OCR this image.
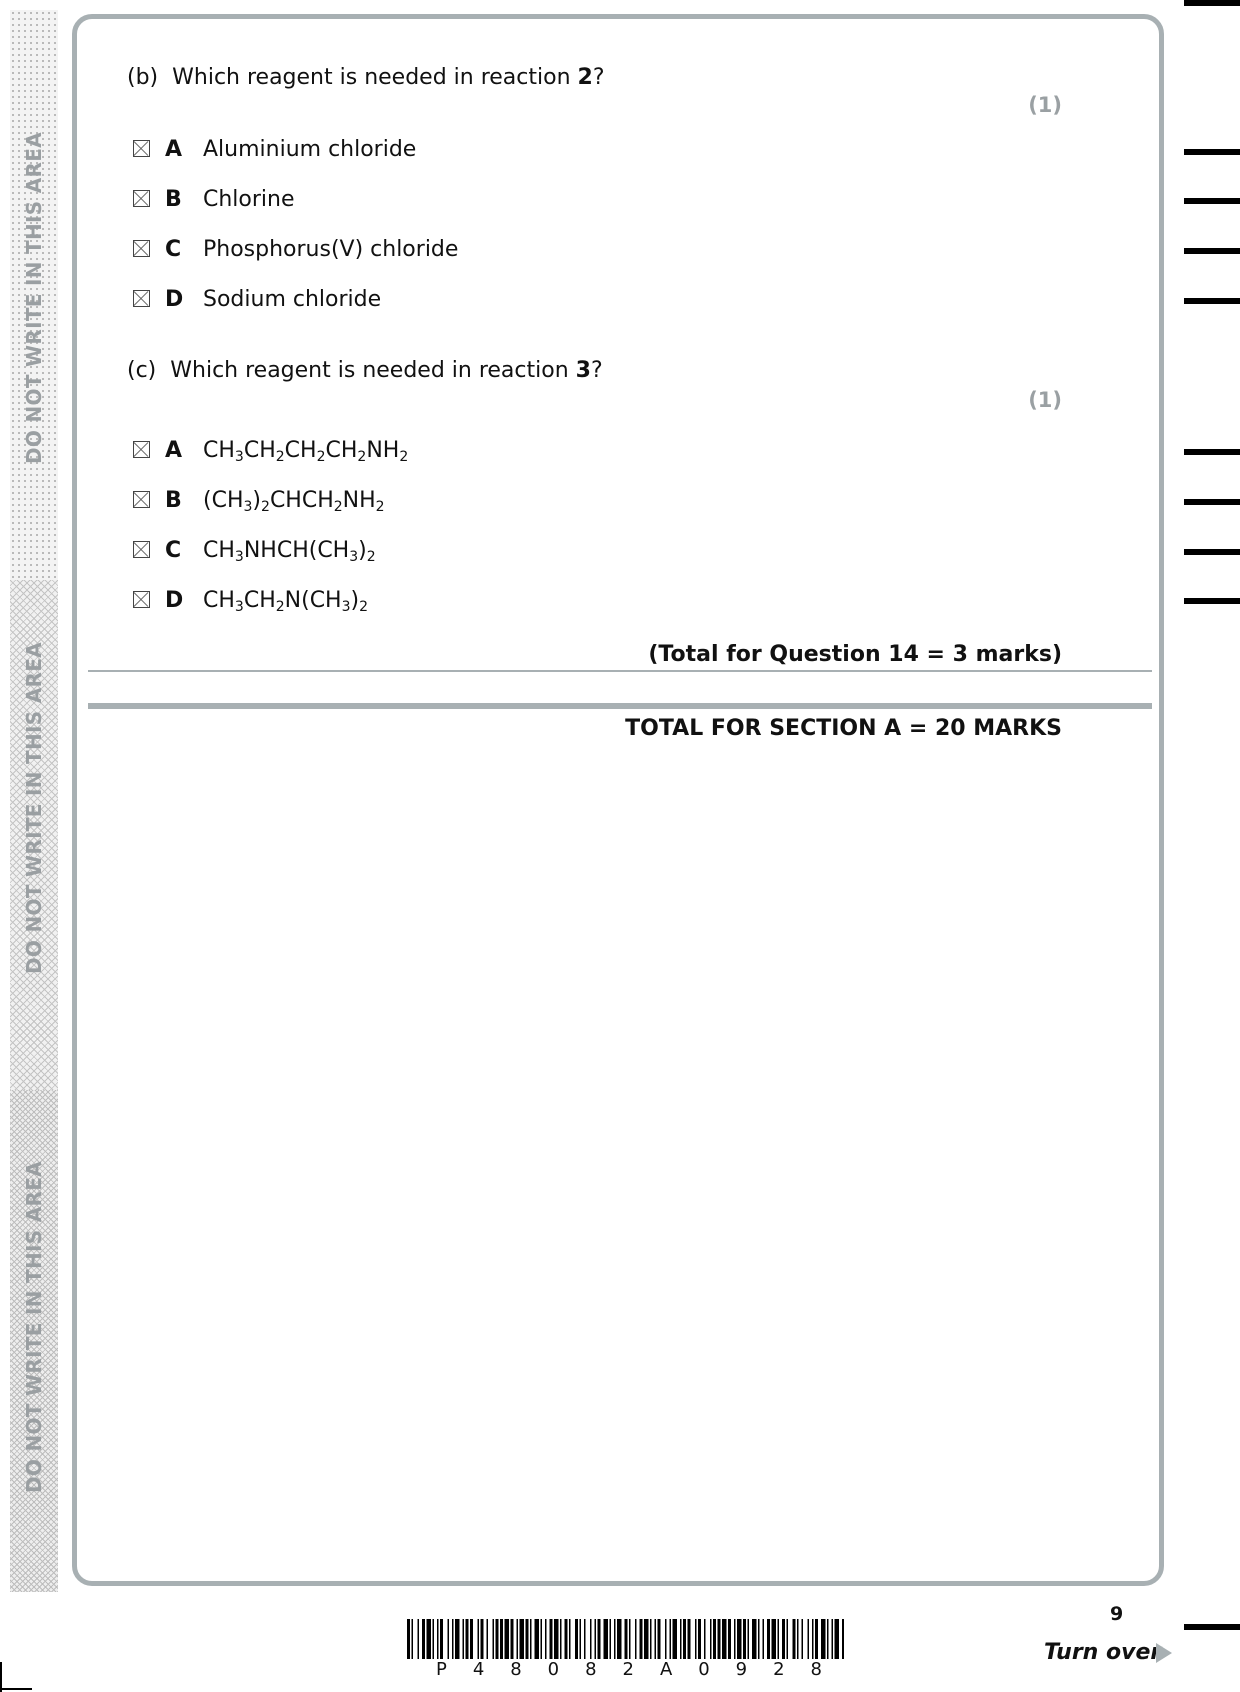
DO NOT WRITE IN THIS AREA
DO NOT WRITE IN THIS AREA
DO NOT WRITE IN THIS AREA
(b) Which reagent is needed in reaction 2?
(1)
A Aluminium chloride
B Chlorine
C Phosphorus(V) chloride
D Sodium chloride
(c) Which reagent is needed in reaction 3?
(1)
A $CH_3CH_2CH_2CH_2NH_2$
B $(CH_3)_2CHCH_2NH_2$
C $CH_3NHCH(CH_3)_2$
D $CH_3CH_2N(CH_3)_2$
(Total for Question 14 = 3 marks)
TOTAL FOR SECTION A = 20 MARKS
9
Turn over
P 4 8 0 8 2 A 0 9 2 8
